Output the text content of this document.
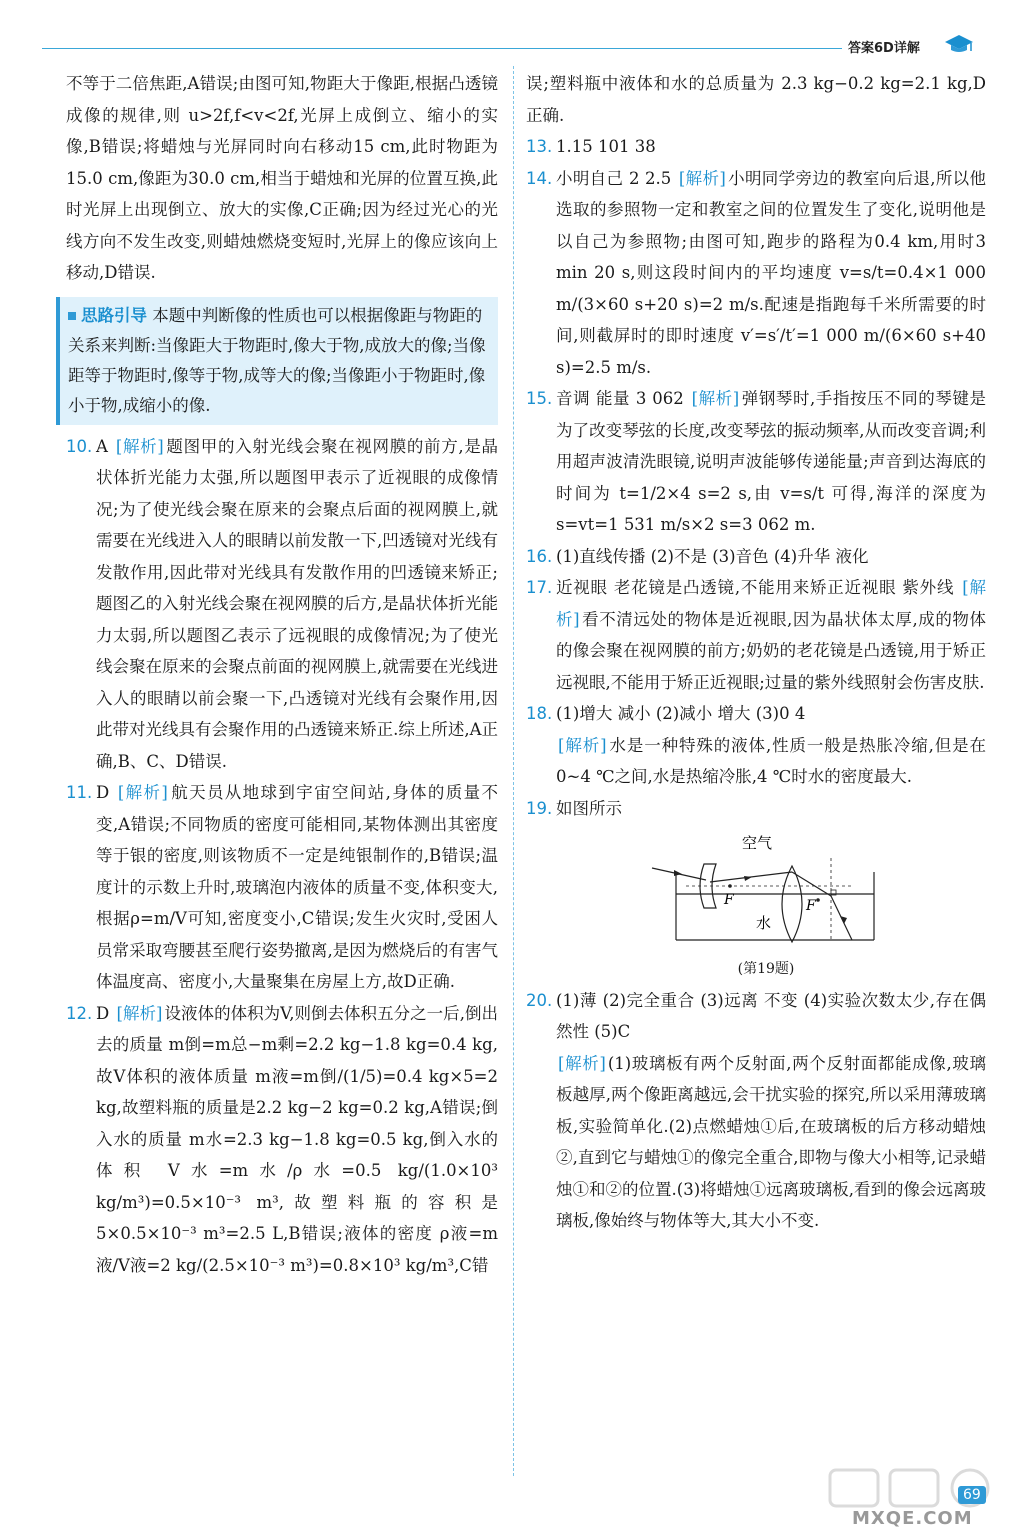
答案6D详解

不等于二倍焦距,A错误;由图可知,物距大于像距,根据凸透镜成像的规律,则 u>2f,f<v<2f,光屏上成倒立、缩小的实像,B错误;将蜡烛与光屏同时向右移动15 cm,此时物距为15.0 cm,像距为30.0 cm,相当于蜡烛和光屏的位置互换,此时光屏上出现倒立、放大的实像,C正确;因为经过光心的光线方向不发生改变,则蜡烛燃烧变短时,光屏上的像应该向上移动,D错误.

思路引导 本题中判断像的性质也可以根据像距与物距的关系来判断:当像距大于物距时,像大于物,成放大的像;当像距等于物距时,像等于物,成等大的像;当像距小于物距时,像小于物,成缩小的像.
10. A [解析] 题图甲的入射光线会聚在视网膜的前方,是晶状体折光能力太强,所以题图甲表示了近视眼的成像情况;为了使光线会聚在原来的会聚点后面的视网膜上,就需要在光线进入人的眼睛以前发散一下,凹透镜对光线有发散作用,因此带对光线具有发散作用的凹透镜来矫正;题图乙的入射光线会聚在视网膜的后方,是晶状体折光能力太弱,所以题图乙表示了远视眼的成像情况;为了使光线会聚在原来的会聚点前面的视网膜上,就需要在光线进入人的眼睛以前会聚一下,凸透镜对光线有会聚作用,因此带对光线具有会聚作用的凸透镜来矫正.综上所述,A正确,B、C、D错误.

11. D [解析] 航天员从地球到宇宙空间站,身体的质量不变,A错误;不同物质的密度可能相同,某物体测出其密度等于银的密度,则该物质不一定是纯银制作的,B错误;温度计的示数上升时,玻璃泡内液体的质量不变,体积变大,根据ρ=m/V可知,密度变小,C错误;发生火灾时,受困人员常采取弯腰甚至爬行姿势撤离,是因为燃烧后的有害气体温度高、密度小,大量聚集在房屋上方,故D正确.

12. D [解析] 设液体的体积为V,则倒去体积五分之一后,倒出去的质量 m倒=m总−m剩=2.2 kg−1.8 kg=0.4 kg,故V体积的液体质量 m液=m倒/(1/5)=0.4 kg×5=2 kg,故塑料瓶的质量是2.2 kg−2 kg=0.2 kg,A错误;倒入水的质量 m水=2.3 kg−1.8 kg=0.5 kg,倒入水的体积 V水=m水/ρ水=0.5 kg/(1.0×10³ kg/m³)=0.5×10⁻³ m³,故塑料瓶的容积是5×0.5×10⁻³ m³=2.5 L,B错误;液体的密度 ρ液=m液/V液=2 kg/(2.5×10⁻³ m³)=0.8×10³ kg/m³,C错

误;塑料瓶中液体和水的总质量为 2.3 kg−0.2 kg=2.1 kg,D正确.

13. 1.15 101 38

14. 小明自己 2 2.5 [解析] 小明同学旁边的教室向后退,所以他选取的参照物一定和教室之间的位置发生了变化,说明他是以自己为参照物;由图可知,跑步的路程为0.4 km,用时3 min 20 s,则这段时间内的平均速度 v=s/t=0.4×1 000 m/(3×60 s+20 s)=2 m/s.配速是指跑每千米所需要的时间,则截屏时的即时速度 v′=s′/t′=1 000 m/(6×60 s+40 s)=2.5 m/s.

15. 音调 能量 3 062 [解析] 弹钢琴时,手指按压不同的琴键是为了改变琴弦的长度,改变琴弦的振动频率,从而改变音调;利用超声波清洗眼镜,说明声波能够传递能量;声音到达海底的时间为 t=1/2×4 s=2 s,由 v=s/t 可得,海洋的深度为 s=vt=1 531 m/s×2 s=3 062 m.

16. (1)直线传播 (2)不是 (3)音色 (4)升华 液化

17. 近视眼 老花镜是凸透镜,不能用来矫正近视眼 紫外线 [解析] 看不清远处的物体是近视眼,因为晶状体太厚,成的物体的像会聚在视网膜的前方;奶奶的老花镜是凸透镜,用于矫正远视眼,不能用于矫正近视眼;过量的紫外线照射会伤害皮肤.

18. (1)增大 减小 (2)减小 增大 (3)0 4
[解析] 水是一种特殊的液体,性质一般是热胀冷缩,但是在0~4 ℃之间,水是热缩冷胀,4 ℃时水的密度最大.

19. 如图所示

空气
水
F	F
(第19题)
20. (1)薄 (2)完全重合 (3)远离 不变 (4)实验次数太少,存在偶然性 (5)C
[解析] (1)玻璃板有两个反射面,两个反射面都能成像,玻璃板越厚,两个像距离越远,会干扰实验的探究,所以采用薄玻璃板,实验简单化.(2)点燃蜡烛①后,在玻璃板的后方移动蜡烛②,直到它与蜡烛①的像完全重合,即物与像大小相等,记录蜡烛①和②的位置.(3)将蜡烛①远离玻璃板,看到的像会远离玻璃板,像始终与物体等大,其大小不变.

MXQE.COM
69
